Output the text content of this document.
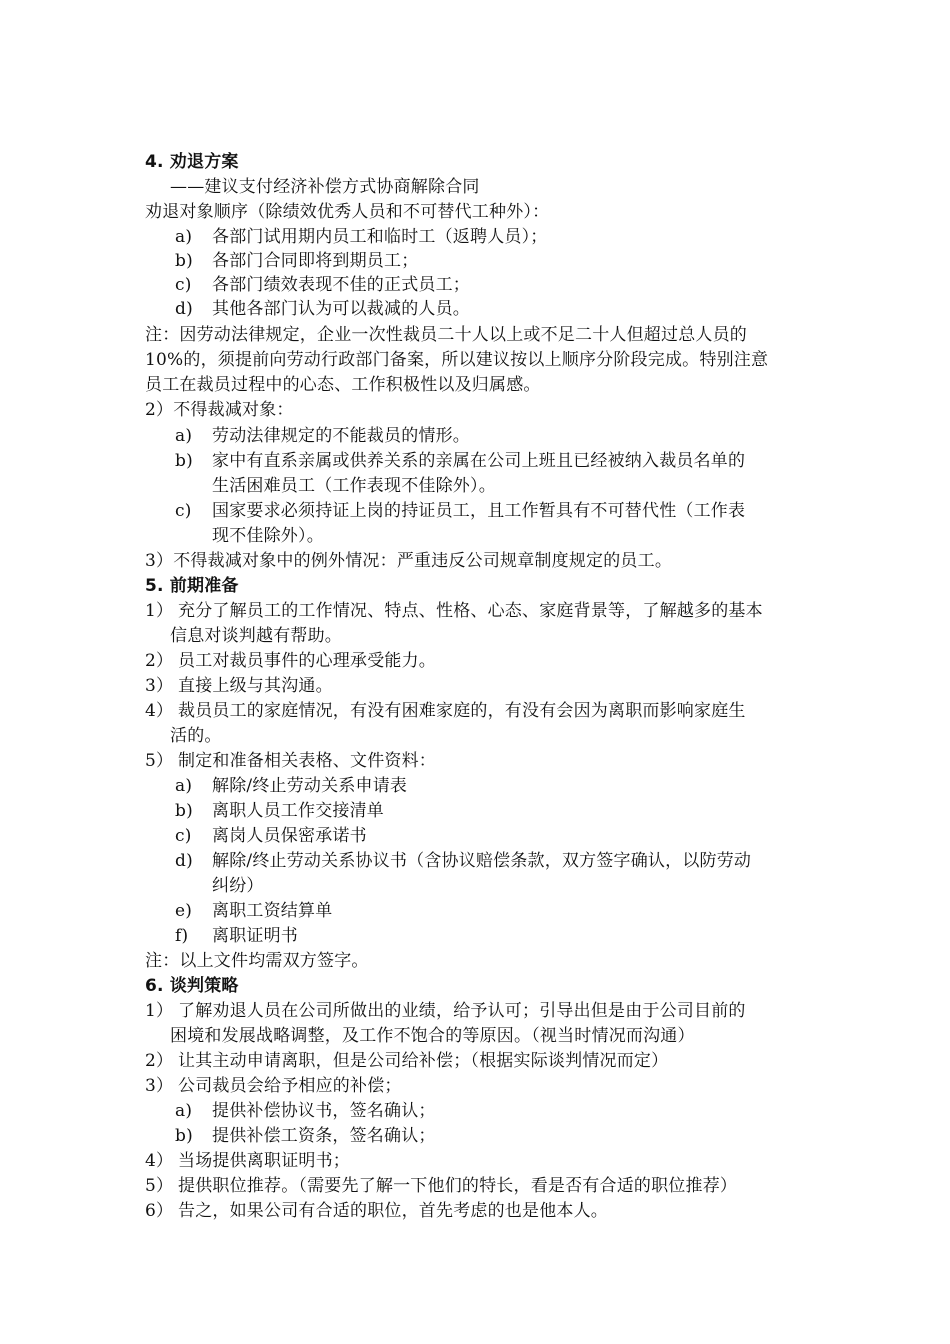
4. 劝退方案
——建议支付经济补偿方式协商解除合同
劝退对象顺序（除绩效优秀人员和不可替代工种外）：
a) 各部门试用期内员工和临时工（返聘人员）；
b) 各部门合同即将到期员工；
c) 各部门绩效表现不佳的正式员工；
d) 其他各部门认为可以裁减的人员。
注：因劳动法律规定，企业一次性裁员二十人以上或不足二十人但超过总人员的
10%的，须提前向劳动行政部门备案，所以建议按以上顺序分阶段完成。特别注意
员工在裁员过程中的心态、工作积极性以及归属感。
2）不得裁减对象：
a) 劳动法律规定的不能裁员的情形。
b) 家中有直系亲属或供养关系的亲属在公司上班且已经被纳入裁员名单的
生活困难员工（工作表现不佳除外）。
c) 国家要求必须持证上岗的持证员工，且工作暂具有不可替代性（工作表
现不佳除外）。
3）不得裁减对象中的例外情况：严重违反公司规章制度规定的员工。
5. 前期准备
1） 充分了解员工的工作情况、特点、性格、心态、家庭背景等，了解越多的基本
信息对谈判越有帮助。
2） 员工对裁员事件的心理承受能力。
3） 直接上级与其沟通。
4） 裁员员工的家庭情况，有没有困难家庭的，有没有会因为离职而影响家庭生
活的。
5） 制定和准备相关表格、文件资料：
a) 解除/终止劳动关系申请表
b) 离职人员工作交接清单
c) 离岗人员保密承诺书
d) 解除/终止劳动关系协议书（含协议赔偿条款，双方签字确认，以防劳动
纠纷）
e) 离职工资结算单
f) 离职证明书
注：以上文件均需双方签字。
6. 谈判策略
1） 了解劝退人员在公司所做出的业绩，给予认可；引导出但是由于公司目前的
困境和发展战略调整，及工作不饱合的等原因。（视当时情况而沟通）
2） 让其主动申请离职，但是公司给补偿；（根据实际谈判情况而定）
3） 公司裁员会给予相应的补偿；
a) 提供补偿协议书，签名确认；
b) 提供补偿工资条，签名确认；
4） 当场提供离职证明书；
5） 提供职位推荐。（需要先了解一下他们的特长，看是否有合适的职位推荐）
6） 告之，如果公司有合适的职位，首先考虑的也是他本人。
